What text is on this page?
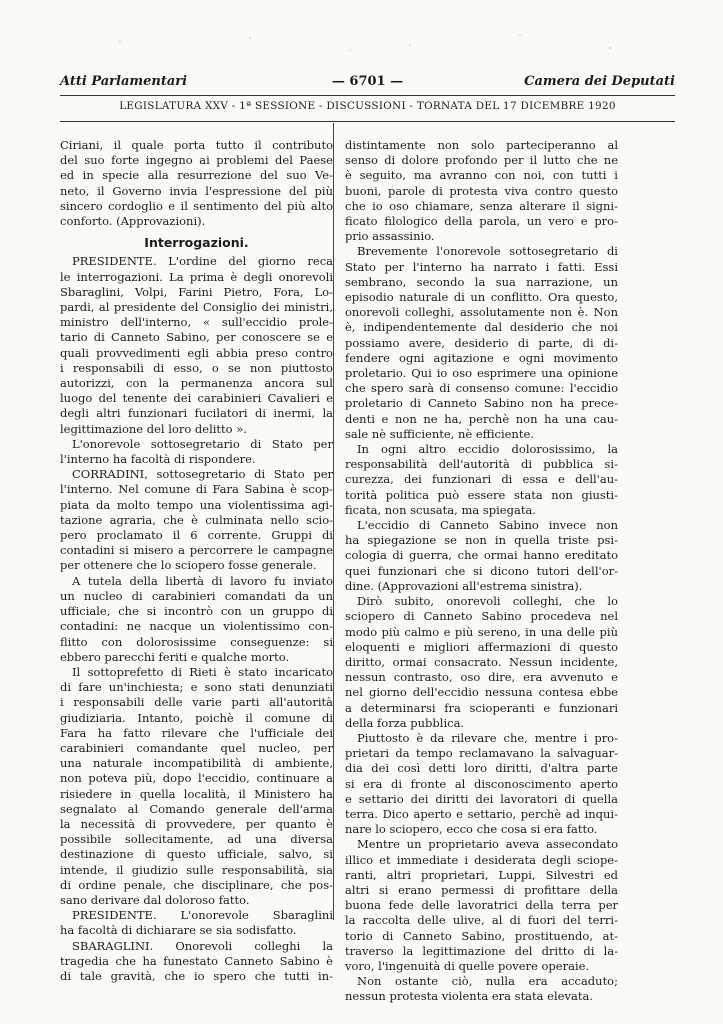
Atti Parlamentari	— 6701 —	Camera dei Deputati
LEGISLATURA XXV - 1ª SESSIONE - DISCUSSIONI - TORNATA DEL 17 DICEMBRE 1920

Ciriani, il quale porta tutto il contributo

del suo forte ingegno ai problemi del Paese

ed in specie alla resurrezione del suo Ve-

neto, il Governo invia l'espressione del più

sincero cordoglio e il sentimento del più alto

conforto. (Approvazioni).

Interrogazioni.

PRESIDENTE. L'ordine del giorno reca

le interrogazioni. La prima è degli onorevoli

Sbaraglini, Volpi, Farini Pietro, Fora, Lo-

pardi, al presidente del Consiglio dei ministri,

ministro dell'interno, « sull'eccidio prole-

tario di Canneto Sabino, per conoscere se e

quali provvedimenti egli abbia preso contro

i responsabili di esso, o se non piuttosto

autorizzi, con la permanenza ancora sul

luogo del tenente dei carabinieri Cavalieri e

degli altri funzionari fucilatori di inermi, la

legittimazione del loro delitto ».

L'onorevole sottosegretario di Stato per

l'interno ha facoltà di rispondere.

CORRADINI, sottosegretario di Stato per

l'interno. Nel comune di Fara Sabina è scop-

piata da molto tempo una violentissima agi-

tazione agraria, che è culminata nello scio-

pero proclamato il 6 corrente. Gruppi di

contadini si misero a percorrere le campagne

per ottenere che lo sciopero fosse generale.

A tutela della libertà di lavoro fu inviato

un nucleo di carabinieri comandati da un

ufficiale, che si incontrò con un gruppo di

contadini: ne nacque un violentissimo con-

flitto con dolorosissime conseguenze: si

ebbero parecchi feriti e qualche morto.

Il sottoprefetto di Rieti è stato incaricato

di fare un'inchiesta; e sono stati denunziati

i responsabili delle varie parti all'autorità

giudiziaria. Intanto, poichè il comune di

Fara ha fatto rilevare che l'ufficiale dei

carabinieri comandante quel nucleo, per

una naturale incompatibilità di ambiente,

non poteva più, dopo l'eccidio, continuare a

risiedere in quella località, il Ministero ha

segnalato al Comando generale dell'arma

la necessità di provvedere, per quanto è

possibile sollecitamente, ad una diversa

destinazione di questo ufficiale, salvo, si

intende, il giudizio sulle responsabilità, sia

di ordine penale, che disciplinare, che pos-

sano derivare dal doloroso fatto.

PRESIDENTE. L'onorevole Sbaraglini

ha facoltà di dichiarare se sia sodisfatto.

SBARAGLINI. Onorevoli colleghi la

tragedia che ha funestato Canneto Sabino è

di tale gravità, che io spero che tutti in-

distintamente non solo parteciperanno al

senso di dolore profondo per il lutto che ne

è seguito, ma avranno con noi, con tutti i

buoni, parole di protesta viva contro questo

che io oso chiamare, senza alterare il signi-

ficato filologico della parola, un vero e pro-

prio assassinio.

Brevemente l'onorevole sottosegretario di

Stato per l'interno ha narrato i fatti. Essi

sembrano, secondo la sua narrazione, un

episodio naturale di un conflitto. Ora questo,

onorevoli colleghi, assolutamente non è. Non

è, indipendentemente dal desiderio che noi

possiamo avere, desiderio di parte, di di-

fendere ogni agitazione e ogni movimento

proletario. Qui io oso esprimere una opinione

che spero sarà di consenso comune: l'eccidio

proletario di Canneto Sabino non ha prece-

denti e non ne ha, perchè non ha una cau-

sale nè sufficiente, nè efficiente.

In ogni altro eccidio dolorosissimo, la

responsabilità dell'autorità di pubblica si-

curezza, dei funzionari di essa e dell'au-

torità politica può essere stata non giusti-

ficata, non scusata, ma spiegata.

L'eccidio di Canneto Sabino invece non

ha spiegazione se non in quella triste psi-

cologia di guerra, che ormai hanno ereditato

quei funzionari che si dicono tutori dell'or-

dine. (Approvazioni all'estrema sinistra).

Dirò subito, onorevoli colleghi, che lo

sciopero di Canneto Sabino procedeva nel

modo più calmo e più sereno, in una delle più

eloquenti e migliori affermazioni di questo

diritto, ormai consacrato. Nessun incidente,

nessun contrasto, oso dire, era avvenuto e

nel giorno dell'eccidio nessuna contesa ebbe

a determinarsi fra scioperanti e funzionari

della forza pubblica.

Piuttosto è da rilevare che, mentre i pro-

prietari da tempo reclamavano la salvaguar-

dia dei così detti loro diritti, d'altra parte

si era di fronte al disconoscimento aperto

e settario dei diritti dei lavoratori di quella

terra. Dico aperto e settario, perchè ad inqui-

nare lo sciopero, ecco che cosa si era fatto.

Mentre un proprietario aveva assecondato

illico et immediate i desiderata degli sciope-

ranti, altri proprietari, Luppi, Silvestri ed

altri si erano permessi di profittare della

buona fede delle lavoratrici della terra per

la raccolta delle ulive, al di fuori del terri-

torio di Canneto Sabino, prostituendo, at-

traverso la legittimazione del dritto di la-

voro, l'ingenuità di quelle povere operaie.

Non ostante ciò, nulla era accaduto;

nessun protesta violenta era stata elevata.
